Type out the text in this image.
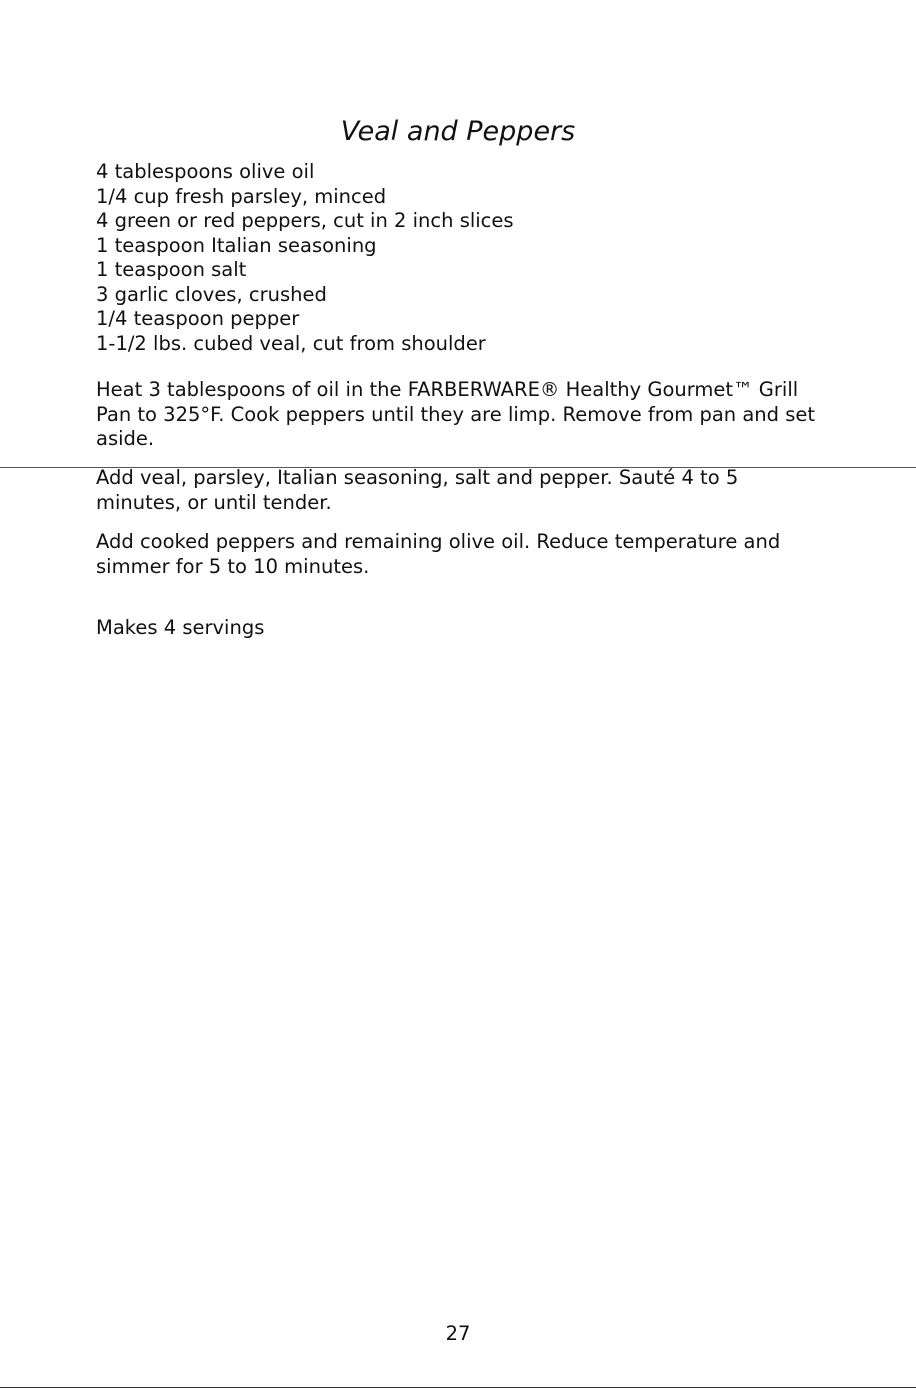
Veal and Peppers
4 tablespoons olive oil
1/4 cup fresh parsley, minced
4 green or red peppers, cut in 2 inch slices
1 teaspoon Italian seasoning
1 teaspoon salt
3 garlic cloves, crushed
1/4 teaspoon pepper
1-1/2 lbs. cubed veal, cut from shoulder

Heat 3 tablespoons of oil in the FARBERWARE® Healthy Gourmet™ Grill Pan to 325°F. Cook peppers until they are limp. Remove from pan and set aside.

Add veal, parsley, Italian seasoning, salt and pepper. Sauté 4 to 5 minutes, or until tender.

Add cooked peppers and remaining olive oil. Reduce temperature and simmer for 5 to 10 minutes.

Makes 4 servings

27
